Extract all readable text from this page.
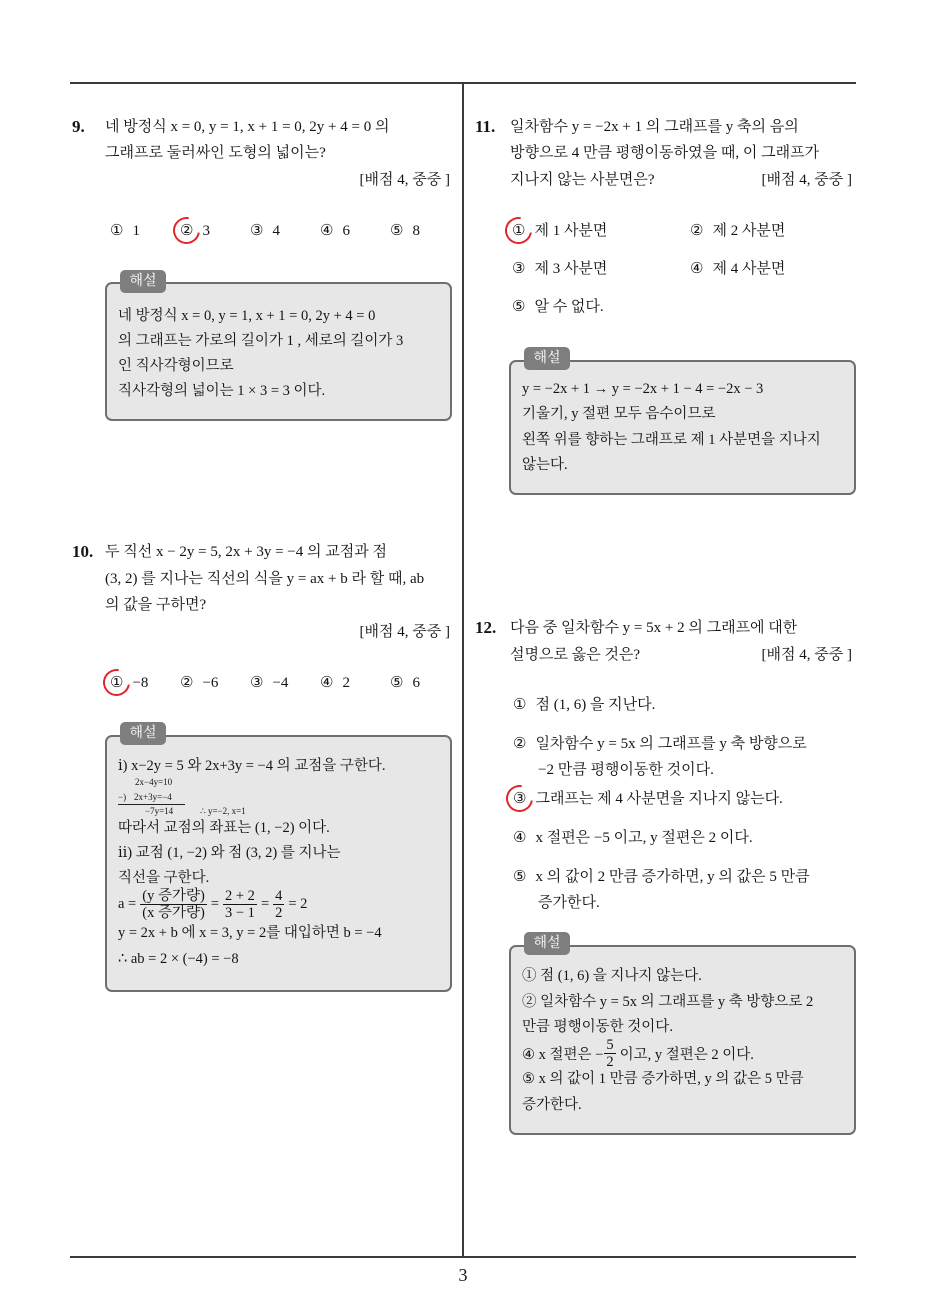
9. 네 방정식 x = 0, y = 1, x + 1 = 0, 2y + 4 = 0 의
그래프로 둘러싸인 도형의 넓이는?
[배점 4, 중중 ]
① 1	② 3	③ 4	④ 6	⑤ 8
해설
네 방정식 x = 0, y = 1, x + 1 = 0, 2y + 4 = 0
의 그래프는 가로의 길이가 1 , 세로의 길이가 3
인 직사각형이므로
직사각형의 넓이는 1 × 3 = 3 이다.
10. 두 직선 x − 2y = 5, 2x + 3y = −4 의 교점과 점
(3, 2) 를 지나는 직선의 식을 y = ax + b 라 할 때, ab
의 값을 구하면?
[배점 4, 중중 ]
① −8 ② −6 ③ −4 ④ 2	⑤ 6
해설
ⅰ) x−2y = 5 와 2x+3y = −4 의 교점을 구한다.
2x−4y=10
−) 2x+3y=−4
−7y=14	∴ y=−2, x=1
따라서 교점의 좌표는 (1, −2) 이다.
ⅱ) 교점 (1, −2) 와 점 (3, 2) 를 지나는
직선을 구한다.
$a = \frac{\text{(y 증가량)}}{\text{(x 증가량)}} = \frac{2 + 2}{3 - 1} = \frac{4}{2} = 2$
y = 2x + b 에 x = 3, y = 2를 대입하면 b = −4
∴ ab = 2 × (−4) = −8
11. 일차함수 y = −2x + 1 의 그래프를 y 축의 음의
방향으로 4 만큼 평행이동하였을 때, 이 그래프가
지나지 않는 사분면은?	[배점 4, 중중 ]
① 제 1 사분면	② 제 2 사분면
③ 제 3 사분면	④ 제 4 사분면
⑤ 알 수 없다.
해설
y = −2x + 1 → y = −2x + 1 − 4 = −2x − 3
기울기, y 절편 모두 음수이므로
왼쪽 위를 향하는 그래프로 제 1 사분면을 지나지
않는다.
12. 다음 중 일차함수 y = 5x + 2 의 그래프에 대한
설명으로 옳은 것은?	[배점 4, 중중 ]
① 점 (1, 6) 을 지난다.
② 일차함수 y = 5x 의 그래프를 y 축 방향으로
−2 만큼 평행이동한 것이다.
③ 그래프는 제 4 사분면을 지나지 않는다.
④ x 절편은 −5 이고, y 절편은 2 이다.
⑤ x 의 값이 2 만큼 증가하면, y 의 값은 5 만큼
증가한다.
해설
① 점 (1, 6) 을 지나지 않는다.
② 일차함수 y = 5x 의 그래프를 y 축 방향으로 2
만큼 평행이동한 것이다.
④ x 절편은 − $\frac{5}{2}$ 이고, y 절편은 2 이다.
⑤ x 의 값이 1 만큼 증가하면, y 의 값은 5 만큼
증가한다.
3
